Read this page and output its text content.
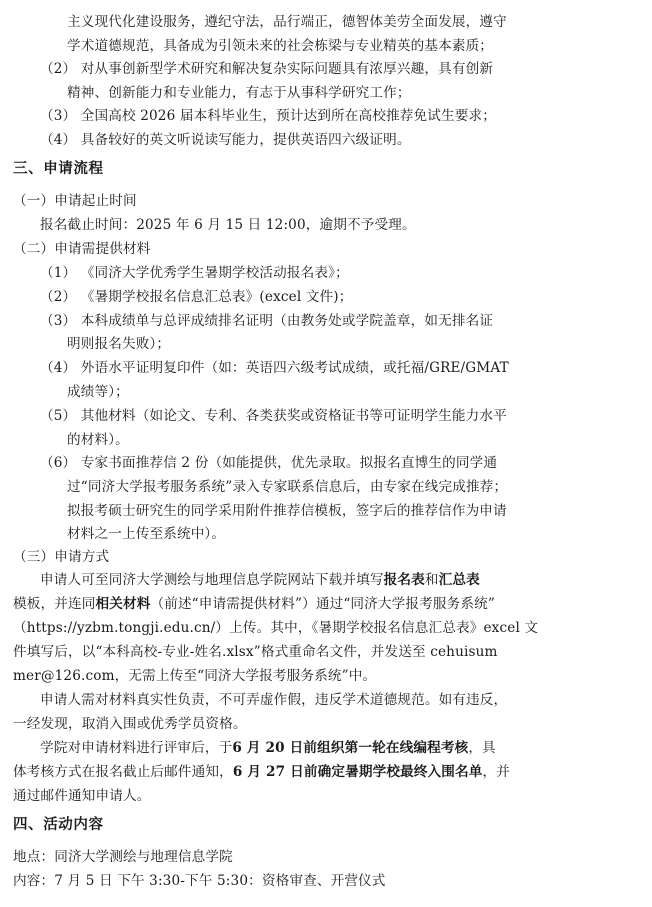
主义现代化建设服务，遵纪守法，品行端正，德智体美劳全面发展，遵守
学术道德规范，具备成为引领未来的社会栋梁与专业精英的基本素质；
（2） 对从事创新型学术研究和解决复杂实际问题具有浓厚兴趣，具有创新
精神、创新能力和专业能力，有志于从事科学研究工作；
（3） 全国高校 2026 届本科毕业生，预计达到所在高校推荐免试生要求；
（4） 具备较好的英文听说读写能力，提供英语四六级证明。
三、申请流程
（一）申请起止时间
报名截止时间：2025 年 6 月 15 日 12:00，逾期不予受理。
（二）申请需提供材料
（1） 《同济大学优秀学生暑期学校活动报名表》；
（2） 《暑期学校报名信息汇总表》(excel 文件)；
（3） 本科成绩单与总评成绩排名证明（由教务处或学院盖章，如无排名证
明则报名失败）；
（4） 外语水平证明复印件（如：英语四六级考试成绩，或托福/GRE/GMAT
成绩等）；
（5） 其他材料（如论文、专利、各类获奖或资格证书等可证明学生能力水平
的材料）。
（6） 专家书面推荐信 2 份（如能提供，优先录取。拟报名直博生的同学通
过“同济大学报考服务系统”录入专家联系信息后，由专家在线完成推荐；
拟报考硕士研究生的同学采用附件推荐信模板，签字后的推荐信作为申请
材料之一上传至系统中）。
（三）申请方式
申请人可至同济大学测绘与地理信息学院网站下载并填写报名表和汇总表
模板，并连同相关材料（前述“申请需提供材料”）通过“同济大学报考服务系统”
（https://yzbm.tongji.edu.cn/）上传。其中，《暑期学校报名信息汇总表》excel 文
件填写后，以“本科高校-专业-姓名.xlsx”格式重命名文件，并发送至 cehuisum
mer@126.com，无需上传至“同济大学报考服务系统”中。
申请人需对材料真实性负责，不可弄虚作假，违反学术道德规范。如有违反，
一经发现，取消入围或优秀学员资格。
学院对申请材料进行评审后，于6 月 20 日前组织第一轮在线编程考核，具
体考核方式在报名截止后邮件通知，6 月 27 日前确定暑期学校最终入围名单，并
通过邮件通知申请人。
四、活动内容
地点：同济大学测绘与地理信息学院
内容：7 月 5 日 下午 3:30-下午 5:30：资格审查、开营仪式
